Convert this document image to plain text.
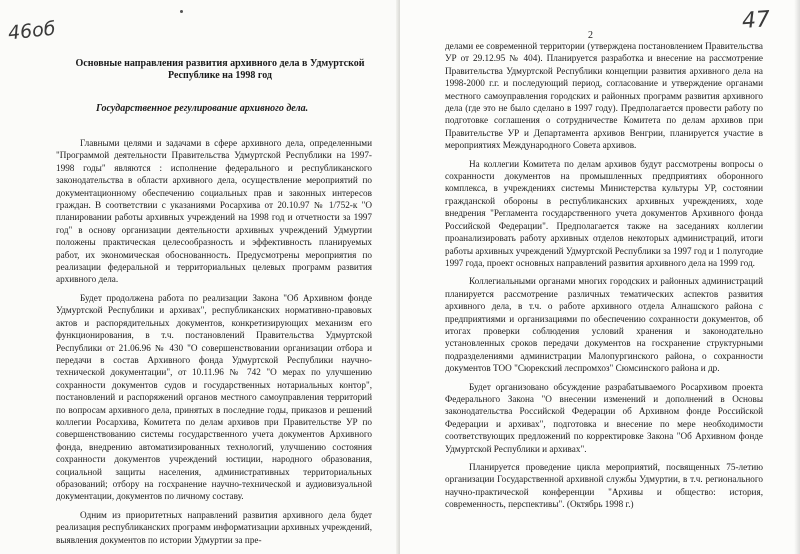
46об
Основные направления развития архивного дела в Удмуртской Республике на 1998 год
Государственное регулирование архивного дела.

Главными целями и задачами в сфере архивного дела, определенными "Программой деятельности Правительства Удмуртской Республики на 1997-1998 годы" являются : исполнение федерального и республиканского законодательства в области архивного дела, осуществление мероприятий по документационному обеспечению социальных прав и законных интересов граждан. В соответствии с указаниями Росархива от 20.10.97 № 1/752-к "О планировании работы архивных учреждений на 1998 год и отчетности за 1997 год" в основу организации деятельности архивных учреждений Удмуртии положены практическая целесообразность и эффективность планируемых работ, их экономическая обоснованность. Предусмотрены мероприятия по реализации федеральной и территориальных целевых программ развития архивного дела.

Будет продолжена работа по реализации Закона "Об Архивном фонде Удмуртской Республики и архивах", республиканских нормативно-правовых актов и распорядительных документов, конкретизирующих механизм его функционирования, в т.ч. постановлений Правительства Удмуртской Республики от 21.06.96 № 430 "О совершенствовании организации отбора и передачи в состав Архивного фонда Удмуртской Республики научно-технической документации", от 10.11.96 № 742 "О мерах по улучшению сохранности документов судов и государственных нотариальных контор", постановлений и распоряжений органов местного самоуправления территорий по вопросам архивного дела, принятых в последние годы, приказов и решений коллегии Росархива, Комитета по делам архивов при Правительстве УР по совершенствованию системы государственного учета документов Архивного фонда, внедрению автоматизированных технологий, улучшению состояния сохранности документов учреждений юстиции, народного образования, социальной защиты населения, административных территориальных образований; отбору на госхранение научно-технической и аудиовизуальной документации, документов по личному составу.

Одним из приоритетных направлений развития архивного дела будет реализация республиканских программ информатизации архивных учреждений, выявления документов по истории Удмуртии за пре-

47
2

делами ее современной территории (утверждена постановлением Правительства УР от 29.12.95 № 404). Планируется разработка и внесение на рассмотрение Правительства Удмуртской Республики концепции развития архивного дела на 1998-2000 г.г. и последующий период, согласование и утверждение органами местного самоуправления городских и районных программ развития архивного дела (где это не было сделано в 1997 году). Предполагается провести работу по подготовке соглашения о сотрудничестве Комитета по делам архивов при Правительстве УР и Департамента архивов Венгрии, планируется участие в мероприятиях Международного Совета архивов.

На коллегии Комитета по делам архивов будут рассмотрены вопросы о сохранности документов на промышленных предприятиях оборонного комплекса, в учреждениях системы Министерства культуры УР, состоянии гражданской обороны в республиканских архивных учреждениях, ходе внедрения "Регламента государственного учета документов Архивного фонда Российской Федерации". Предполагается также на заседаниях коллегии проанализировать работу архивных отделов некоторых администраций, итоги работы архивных учреждений Удмуртской Республики за 1997 год и 1 полугодие 1997 года, проект основных направлений развития архивного дела на 1999 год.

Коллегиальными органами многих городских и районных администраций планируется рассмотрение различных тематических аспектов развития архивного дела, в т.ч. о работе архивного отдела Алнашского района с предприятиями и организациями по обеспечению сохранности документов, об итогах проверки соблюдения условий хранения и законодательно установленных сроков передачи документов на госхранение структурными подразделениями администрации Малопургинского района, о сохранности документов ТОО "Сюрекский леспромхоз" Сюмсинского района и др.

Будет организовано обсуждение разрабатываемого Росархивом проекта Федерального Закона "О внесении изменений и дополнений в Основы законодательства Российской Федерации об Архивном фонде Российской Федерации и архивах", подготовка и внесение по мере необходимости соответствующих предложений по корректировке Закона "Об Архивном фонде Удмуртской Республики и архивах".

Планируется проведение цикла мероприятий, посвященных 75-летию организации Государственной архивной службы Удмуртии, в т.ч. регионального научно-практической конференции "Архивы и общество: история, современность, перспективы". (Октябрь 1998 г.)
